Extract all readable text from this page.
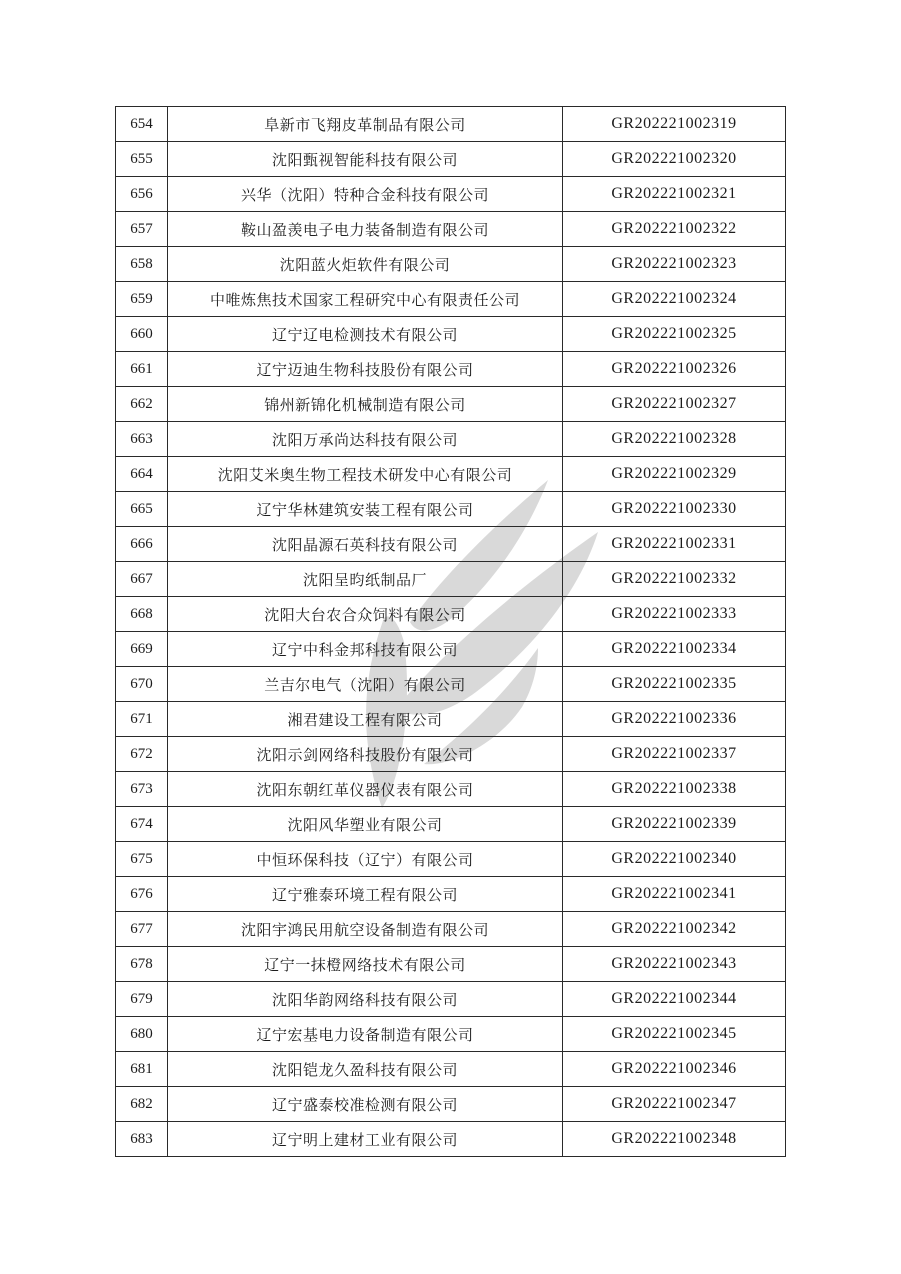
654	阜新市飞翔皮革制品有限公司	GR202221002319
655	沈阳甄视智能科技有限公司	GR202221002320
656	兴华（沈阳）特种合金科技有限公司	GR202221002321
657	鞍山盈羡电子电力装备制造有限公司	GR202221002322
658	沈阳蓝火炬软件有限公司	GR202221002323
659	中唯炼焦技术国家工程研究中心有限责任公司	GR202221002324
660	辽宁辽电检测技术有限公司	GR202221002325
661	辽宁迈迪生物科技股份有限公司	GR202221002326
662	锦州新锦化机械制造有限公司	GR202221002327
663	沈阳万承尚达科技有限公司	GR202221002328
664	沈阳艾米奥生物工程技术研发中心有限公司	GR202221002329
665	辽宁华林建筑安装工程有限公司	GR202221002330
666	沈阳晶源石英科技有限公司	GR202221002331
667	沈阳呈昀纸制品厂	GR202221002332
668	沈阳大台农合众饲料有限公司	GR202221002333
669	辽宁中科金邦科技有限公司	GR202221002334
670	兰吉尔电气（沈阳）有限公司	GR202221002335
671	湘君建设工程有限公司	GR202221002336
672	沈阳示剑网络科技股份有限公司	GR202221002337
673	沈阳东朝红革仪器仪表有限公司	GR202221002338
674	沈阳风华塑业有限公司	GR202221002339
675	中恒环保科技（辽宁）有限公司	GR202221002340
676	辽宁雅泰环境工程有限公司	GR202221002341
677	沈阳宇鸿民用航空设备制造有限公司	GR202221002342
678	辽宁一抹橙网络技术有限公司	GR202221002343
679	沈阳华韵网络科技有限公司	GR202221002344
680	辽宁宏基电力设备制造有限公司	GR202221002345
681	沈阳铠龙久盈科技有限公司	GR202221002346
682	辽宁盛泰校准检测有限公司	GR202221002347
683	辽宁明上建材工业有限公司	GR202221002348
